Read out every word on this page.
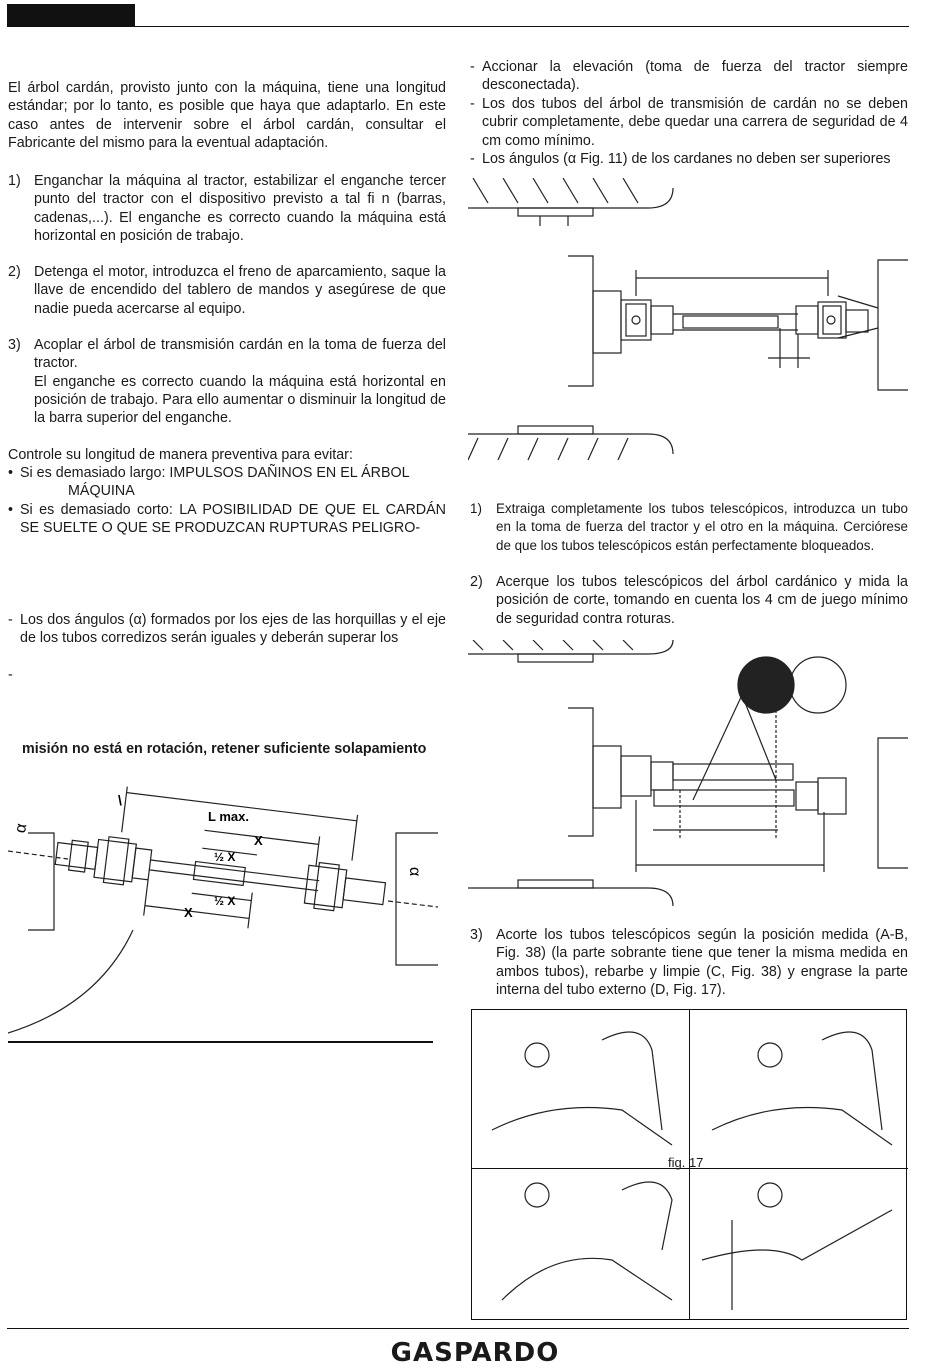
El árbol cardán, provisto junto con la máquina, tiene una longitud estándar; por lo tanto, es posible que haya que adaptarlo. En este caso antes de intervenir sobre el árbol cardán, consultar el Fabricante del mismo para la eventual adaptación.
1) Enganchar la máquina al tractor, estabilizar el enganche tercer punto del tractor con el dispositivo previsto a tal fi n (barras, cadenas,...). El enganche es correcto cuando la máquina está horizontal en posición de trabajo.
2) Detenga el motor, introduzca el freno de aparcamiento, saque la llave de encendido del tablero de mandos y asegúrese de que nadie pueda acercarse al equipo.
3) Acoplar el árbol de transmisión cardán en la toma de fuerza del tractor.
El enganche es correcto cuando la máquina está horizontal en posición de trabajo. Para ello aumentar o disminuir la longitud de la barra superior del enganche.
Controle su longitud de manera preventiva para evitar:
• Si es demasiado largo: IMPULSOS DAÑINOS EN EL ÁRBOL
MÁQUINA
• Si es demasiado corto: LA POSIBILIDAD DE QUE EL CARDÁN SE SUELTE O QUE SE PRODUZCAN RUPTURAS PELIGRO-
- Los dos ángulos (α) formados por los ejes de las horquillas y el eje de los tubos corredizos serán iguales y deberán superar los
-
misión no está en rotación, retener suficiente solapamiento
\
L max.
X
½ X
½ X
X
α
α
- Accionar la elevación (toma de fuerza del tractor siempre desconectada).
- Los dos tubos del árbol de transmisión de cardán no se deben cubrir completamente, debe quedar una carrera de seguridad de 4 cm como mínimo.
- Los ángulos (α Fig. 11) de los cardanes no deben ser superiores
1) Extraiga completamente los tubos telescópicos, introduzca un tubo en la toma de fuerza del tractor y el otro en la máquina. Cerciórese de que los tubos telescópicos están perfectamente bloqueados.
2) Acerque los tubos telescópicos del árbol cardánico y mida la posición de corte, tomando en cuenta los 4 cm de juego mínimo de seguridad contra roturas.
3) Acorte los tubos telescópicos según la posición medida (A-B, Fig. 38) (la parte sobrante tiene que tener la misma medida en ambos tubos), rebarbe y limpie (C, Fig. 38) y engrase la parte interna del tubo externo (D, Fig. 17).
fig. 17
GASPARDO
